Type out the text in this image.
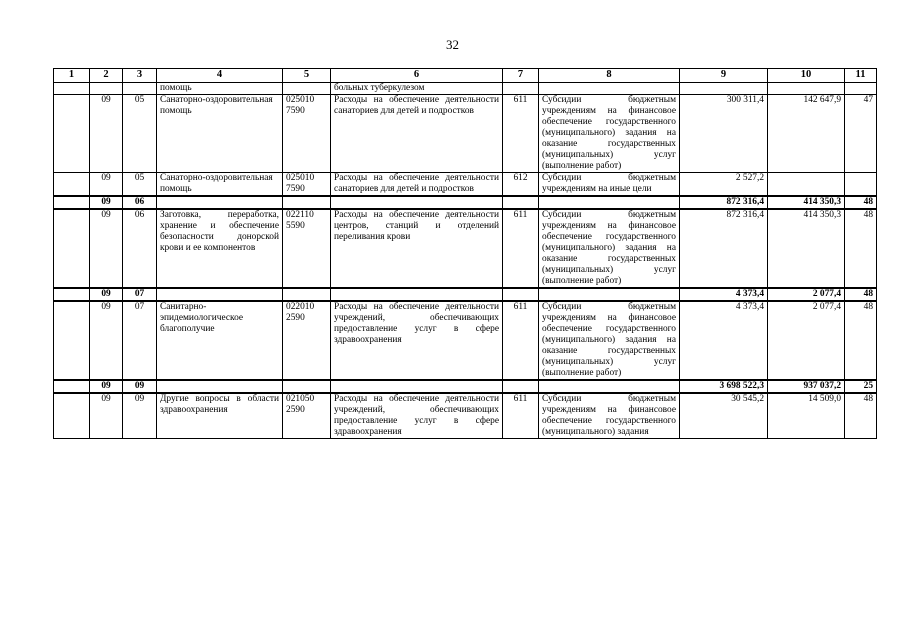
32
1	2	3	4	5	6	7	8	9	10	11
			помощь		больных туберкулезом					
	09	05	Санаторно-оздоровительная помощь	025010 7590	Расходы на обеспечение деятельности санаториев для детей и подростков	611	Субсидии бюджетным учреждениям на финансовое обеспечение государственного (муниципального) задания на оказание государственных (муниципальных) услуг (выполнение работ)	300 311,4	142 647,9	47
	09	05	Санаторно-оздоровительная помощь	025010 7590	Расходы на обеспечение деятельности санаториев для детей и подростков	612	Субсидии бюджетным учреждениям на иные цели	2 527,2		
	09	06						872 316,4	414 350,3	48
	09	06	Заготовка, переработка, хранение и обеспечение безопасности донорской крови и ее компонентов	022110 5590	Расходы на обеспечение деятельности центров, станций и отделений переливания крови	611	Субсидии бюджетным учреждениям на финансовое обеспечение государственного (муниципального) задания на оказание государственных (муниципальных) услуг (выполнение работ)	872 316,4	414 350,3	48
	09	07						4 373,4	2 077,4	48
	09	07	Санитарно-эпидемиологическое благополучие	022010 2590	Расходы на обеспечение деятельности учреждений, обеспечивающих предоставление услуг в сфере здравоохранения	611	Субсидии бюджетным учреждениям на финансовое обеспечение государственного (муниципального) задания на оказание государственных (муниципальных) услуг (выполнение работ)	4 373,4	2 077,4	48
	09	09						3 698 522,3	937 037,2	25
	09	09	Другие вопросы в области здравоохранения	021050 2590	Расходы на обеспечение деятельности учреждений, обеспечивающих предоставление услуг в сфере здравоохранения	611	Субсидии бюджетным учреждениям на финансовое обеспечение государственного (муниципального) задания	30 545,2	14 509,0	48
